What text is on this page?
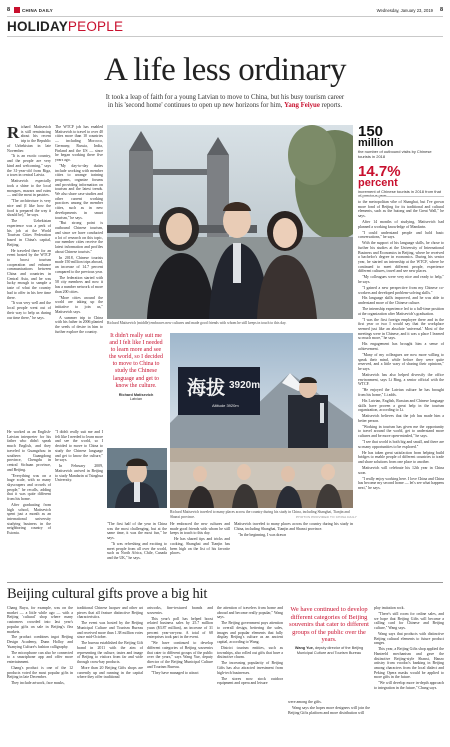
8	CHINA DAILY	Wednesday, January 23, 2019 8
HOLIDAYPEOPLE
A life less ordinary
It took a leap of faith for a young Latvian to move to China, but his busy tourism career
in his 'second home' continues to open up new horizons for him, Yang Feiyue reports.
R ichard Matisevich is still reminiscing about his recent trip to the Republic of Uzbekistan in late November.

"It is an exotic country, and the people are very kind and welcoming," says the 31-year-old from Riga, a town in central Latvia.

Matisevich especially took a shine to the local mosques, mazars and ruins — and the meat in pastries.

"The architecture is very nice and (I like how the food is prepared the way it should be)," he says.

The Uzbekistan experience was a perk of his job at the World Tourism Cities Federation based in China's capital, Beijing.

He traveled there for an event hosted by the WTCF to boost tourism cooperation and enhance communications between China and countries in Central Asia, and he was lucky enough to sample a taste of what the country had to offer in his free time there.

"It was very well and the local people went out of their way to help us during our time there," he says.

The WTCF job has enabled Matisevich to travel to over 40 cities more than 10 countries — including Morocco, Germany, Russia, India, Finland and the US — since he began working there five years ago.

"My day-to-day duties include working with member cities to arrange training programs, organize forums and providing information on tourism and the latest trends. We also share case studies and other current working practices among the member cities, such as in new developments in smart tourism," he says.

"But strong point is outbound Chinese tourism, and since we have conducted a lot of research on this topic, our member cities receive the latest information and profiles about Chinese tourists."

In 2018, Chinese tourists made 150 million trips abroad, an increase of 14.7 percent compared to the previous year.

The federation started with 58 city members and now it has a number network of more than 200 cities.

"More cities around the world are taking up the initiative to join us," Matisevich says.

A summer trip to China with his father in 2006 planted the seeds of desire in him to further explore the country.

He worked as an English-Latvian interpreter for his father who didn't speak much English, and they traveled to Guangzhou in southern Guangdong province, Chengdu in central Sichuan province, and Beijing.

"Everything was on a huge scale, with so many skyscrapers and crowds of people," he recalls, adding that it was quite different from his home.

After graduating from high school, Matisevich spent just a month as an international university studying business in the neighboring country of Estonia.

"I didn't really suit me and I felt like I needed to learn more and see the world, so I decided to move to China to study the Chinese language and get to know the culture," he says.

In February 2009, Matisevich arrived in Beijing to study Mandarin at Tsinghua University.

Richard Matisevich (middle) embraces new cultures and made good friends with whom he still keeps in touch to this day.
150
million
the number of outbound visits by Chinese tourists in 2018
14.7%
percent
increment of Chinese tourists in 2018 from that

to the metropolitan vibe of Shanghai, but I've grown more fond of Beijing for its traditional and cultural elements, such as the hutong and the Great Wall," he says.

After 14 months of studying, Matisevich had planned a working knowledge of Mandarin.

"I could understand people and hold basic conversations," he says.

With the support of his language skills, he chose to further his studies at the University of International Business and Economics in Beijing, where he received a bachelor's degree in economics. During his senior year, he started an internship at the WTCF, where he continued to meet different people, experience different cultures, travel and see new places.

"My colleagues were very nice and ready to help," he says.

"I gained a new perspective from my Chinese co-workers and developed problem-solving skills."

His language skills improved, and he was able to understand more of the Chinese culture.

The internship experience led to a full-time position at the organization after Matisevich's graduation.

"I was the first foreign employee there and in the first year or two I would say that the workplace seemed just like an absolute 'universal.' Most of the meetings were in Chinese, and it was a place I learned so much more," he says.

His engagement has brought him a sense of achievement.

"Many of my colleagues are now more willing to speak their mind, while before they were quite reserved, and a little wary of sharing their opinions," he says.

Matisevich has also helped diversify the office environment, says Li Bing, a senior official with the WTCF.

"He enjoyed the Latvian culture he has brought from his home," Li adds.

His Latvian, English, Russian and Chinese language skills have proven a great help in the tourism organization, according to Li.

Matisevich believes that the job has made him a better person.

"Working in tourism has given me the opportunity to travel around the world, get to understand more cultures and be more open-minded," he says.

"I see that world is both big and small, and there are so many opportunities to be explored."

He has taken great satisfaction from helping build bridges to enable people of different countries to trade and share solutions from one place to another.

Matisevich will celebrate his 12th year in China soon.

"I really enjoy working here. I love China and China has become my second home — let's see what happens next," he says.

It didn't really suit me and I felt like I needed to learn more and see the world, so I decided to move to China to study the Chinese language and get to know the culture.
Richard Matisevich
Latvian
海拔 3920m
Altitude 3920m
Richard Matisevich traveled to many places across the country during his study in China, including Shanghai, Tianjin and Shanxi province.	PHOTOS PROVIDED TO CHINA DAILY

"The first half of the year in China was the most challenging, but at the same time, it was the most fun," he says.

"It was refreshing and exciting to meet people from all over the world, such as North Africa, Chile, Canada and the UK," he says.

He embraced the new cultures and made good friends with whom he still keeps in touch to this day.

He has shared tips and tricks and cooking, Shanghai and Tianjin has been high on the list of his favorite places.

Matisevich traveled to many places across the country during his study in China, including Shanghai, Tianjin and Shanxi province.

"In the beginning, I was drawn

Beijing cultural gifts prove a big hit

Chang Ruyu, for example, was on the market — a little while ago — with a Beijing 'cultural' shop where many customers crowded into last year's popular gifts on sale in Beijing's flea markets.

The product combines ingot Beijing Design Academy, Dunn Holloy and Yuanying Culture's fashion calligraphy.

The microphone can also be connected to a smartphone app and offer more entertainment.

Chang's product is one of the 12 products voted the most popular gifts in Beijing in late December.

They include artwork, face masks,

traditional Chinese lacquer and other art pieces that all feature distinctive Beijing characteristics.

The event was hosted by the Beijing Municipal Culture and Tourism Bureau and received more than 1.38 million votes since mid-October.

The bureau established the Beijing Gift brand in 2011 with the aim of representing the culture, tastes and image of Beijing to visitors from far and wide through cross-bay products.

More than 20 Beijing Gifts shops are currently up and running in the capital where they offer traditional

artworks, fine-textured brands and souvenirs.

This year's poll has helped boost related business sales by 25.7 million yuan ($3.87 million), an increase of 31 percent year-on-year. A total of 68 enterprises took part in the event.

"We have continued to develop different categories of Beijing souvenirs that cater to different groups of the public over the years," says Wang Yue, deputy director of the Beijing Municipal Culture and Tourism Bureau.

"They have managed to attract

the attention of travelers from home and abroad and become really popular," Wang says.

The Beijing government pays attention to overall design, bettering the sales, images and popular elements that fully display Beijing's culture as an ancient capital, according to Wang.

District tourism entities, such as townships, also rolled out gifts that have a distinctive charm.

The increasing popularity of Beijing Gifts has also attracted investment from high-tech businesses.

The stores now stock outdoor equipment and opera and leisure

We have continued to develop different categories of Beijing souvenirs that cater to different groups of the public over the years.
Wang Yue, deputy director of the Beijing Municipal Culture and Tourism Bureau

were among the gifts.

Wang says she hopes more designers will join the Beijing Gifts platform and more distribution will

play imitation rock.

"There's still room for online sales, and we hope that Beijing Gifts will become a calling card for Chinese and Beijing culture," Wang says.

Wang says that products with distinctive Beijing cultural elements to future product ranges.

This year, a Beijing Gifts shop applied the Hanteeld mechanism and gave the distinctive Beijing-style Shanxi, Hanzo artistry from voodoo's banking in Beijing among characters from the local dialect and Peking Opera masks would be applied to more gifts in the future.

"We will develop more in-depth approach to integration in the future," Chang says.
